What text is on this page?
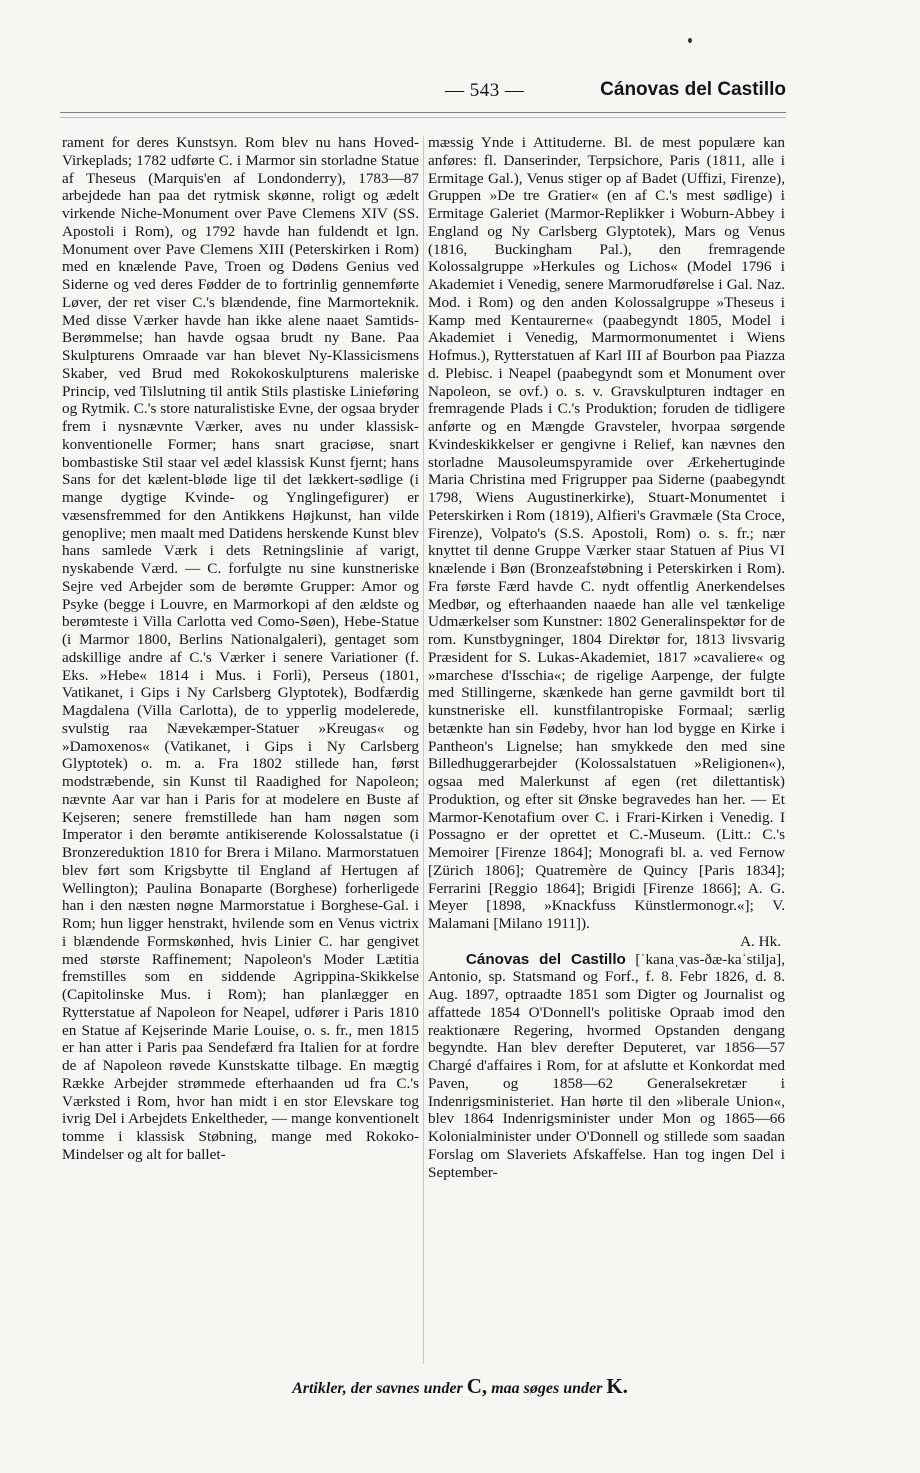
— 543 —	Cánovas del Castillo

rament for deres Kunstsyn. Rom blev nu hans Hoved-Virkeplads; 1782 udførte C. i Marmor sin storladne Statue af Theseus (Marquis'en af Londonderry), 1783—87 arbejdede han paa det rytmisk skønne, roligt og ædelt virkende Niche-Monument over Pave Clemens XIV (SS. Apostoli i Rom), og 1792 havde han fuldendt et lgn. Monument over Pave Clemens XIII (Peterskirken i Rom) med en knælende Pave, Troen og Dødens Genius ved Siderne og ved deres Fødder de to fortrinlig gennemførte Løver, der ret viser C.'s blændende, fine Marmorteknik. Med disse Værker havde han ikke alene naaet Samtids-Berømmelse; han havde ogsaa brudt ny Bane. Paa Skulpturens Omraade var han blevet Ny-Klassicismens Skaber, ved Brud med Rokokoskulpturens maleriske Princip, ved Tilslutning til antik Stils plastiske Linieføring og Rytmik. C.'s store naturalistiske Evne, der ogsaa bryder frem i nysnævnte Værker, aves nu under klassisk-konventionelle Former; hans snart graciøse, snart bombastiske Stil staar vel ædel klassisk Kunst fjernt; hans Sans for det kælent-bløde lige til det lækkert-sødlige (i mange dygtige Kvinde- og Ynglingefigurer) er væsensfremmed for den Antikkens Højkunst, han vilde genoplive; men maalt med Datidens herskende Kunst blev hans samlede Værk i dets Retningslinie af varigt, nyskabende Værd. — C. forfulgte nu sine kunstneriske Sejre ved Arbejder som de berømte Grupper: Amor og Psyke (begge i Louvre, en Marmorkopi af den ældste og berømteste i Villa Carlotta ved Como-Søen), Hebe-Statue (i Marmor 1800, Berlins Nationalgaleri), gentaget som adskillige andre af C.'s Værker i senere Variationer (f. Eks. »Hebe« 1814 i Mus. i Forlì), Perseus (1801, Vatikanet, i Gips i Ny Carlsberg Glyptotek), Bodfærdig Magdalena (Villa Carlotta), de to ypperlig modelerede, svulstig raa Nævekæmper-Statuer »Kreugas« og »Damoxenos« (Vatikanet, i Gips i Ny Carlsberg Glyptotek) o. m. a. Fra 1802 stillede han, først modstræbende, sin Kunst til Raadighed for Napoleon; nævnte Aar var han i Paris for at modelere en Buste af Kejseren; senere fremstillede han ham nøgen som Imperator i den berømte antikiserende Kolossalstatue (i Bronzereduktion 1810 for Brera i Milano. Marmorstatuen blev ført som Krigsbytte til England af Hertugen af Wellington); Paulina Bonaparte (Borghese) forherligede han i den næsten nøgne Marmorstatue i Borghese-Gal. i Rom; hun ligger henstrakt, hvilende som en Venus victrix i blændende Formskønhed, hvis Linier C. har gengivet med største Raffinement; Napoleon's Moder Lætitia fremstilles som en siddende Agrippina-Skikkelse (Capitolinske Mus. i Rom); han planlægger en Rytterstatue af Napoleon for Neapel, udfører i Paris 1810 en Statue af Kejserinde Marie Louise, o. s. fr., men 1815 er han atter i Paris paa Sendefærd fra Italien for at fordre de af Napoleon røvede Kunstskatte tilbage. En mægtig Række Arbejder strømmede efterhaanden ud fra C.'s Værksted i Rom, hvor han midt i en stor Elevskare tog ivrig Del i Arbejdets Enkeltheder, — mange konventionelt tomme i klassisk Støbning, mange med Rokoko-Mindelser og alt for ballet-

mæssig Ynde i Attituderne. Bl. de mest populære kan anføres: fl. Danserinder, Terpsichore, Paris (1811, alle i Ermitage Gal.), Venus stiger op af Badet (Uffizi, Firenze), Gruppen »De tre Gratier« (en af C.'s mest sødlige) i Ermitage Galeriet (Marmor-Replikker i Woburn-Abbey i England og Ny Carlsberg Glyptotek), Mars og Venus (1816, Buckingham Pal.), den fremragende Kolossalgruppe »Herkules og Lichos« (Model 1796 i Akademiet i Venedig, senere Marmorudførelse i Gal. Naz. Mod. i Rom) og den anden Kolossalgruppe »Theseus i Kamp med Kentaurerne« (paabegyndt 1805, Model i Akademiet i Venedig, Marmormonumentet i Wiens Hofmus.), Rytterstatuen af Karl III af Bourbon paa Piazza d. Plebisc. i Neapel (paabegyndt som et Monument over Napoleon, se ovf.) o. s. v. Gravskulpturen indtager en fremragende Plads i C.'s Produktion; foruden de tidligere anførte og en Mængde Gravsteler, hvorpaa sørgende Kvindeskikkelser er gengivne i Relief, kan nævnes den storladne Mausoleumspyramide over Ærkehertuginde Maria Christina med Frigrupper paa Siderne (paabegyndt 1798, Wiens Augustinerkirke), Stuart-Monumentet i Peterskirken i Rom (1819), Alfieri's Gravmæle (Sta Croce, Firenze), Volpato's (S.S. Apostoli, Rom) o. s. fr.; nær knyttet til denne Gruppe Værker staar Statuen af Pius VI knælende i Bøn (Bronzeafstøbning i Peterskirken i Rom). Fra første Færd havde C. nydt offentlig Anerkendelses Medbør, og efterhaanden naaede han alle vel tænkelige Udmærkelser som Kunstner: 1802 Generalinspektør for de rom. Kunstbygninger, 1804 Direktør for, 1813 livsvarig Præsident for S. Lukas-Akademiet, 1817 »cavaliere« og »marchese d'Isschia«; de rigelige Aarpenge, der fulgte med Stillingerne, skænkede han gerne gavmildt bort til kunstneriske ell. kunstfilantropiske Formaal; særlig betænkte han sin Fødeby, hvor han lod bygge en Kirke i Pantheon's Lignelse; han smykkede den med sine Billedhuggerarbejder (Kolossalstatuen »Religionen«), ogsaa med Malerkunst af egen (ret dilettantisk) Produktion, og efter sit Ønske begravedes han her. — Et Marmor-Kenotafium over C. i Frari-Kirken i Venedig. I Possagno er der oprettet et C.-Museum. (Litt.: C.'s Memoirer [Firenze 1864]; Monografi bl. a. ved Fernow [Zürich 1806]; Quatremère de Quincy [Paris 1834]; Ferrarini [Reggio 1864]; Brigidi [Firenze 1866]; A. G. Meyer [1898, »Knackfuss Künstlermonogr.«]; V. Malamani [Milano 1911]).

A. Hk.

Cánovas del Castillo [ˈkanaˌvas-ðæ-kaˈstilja], Antonio, sp. Statsmand og Forf., f. 8. Febr 1826, d. 8. Aug. 1897, optraadte 1851 som Digter og Journalist og affattede 1854 O'Donnell's politiske Opraab imod den reaktionære Regering, hvormed Opstanden dengang begyndte. Han blev derefter Deputeret, var 1856—57 Chargé d'affaires i Rom, for at afslutte et Konkordat med Paven, og 1858—62 Generalsekretær i Indenrigsministeriet. Han hørte til den »liberale Union«, blev 1864 Indenrigsminister under Mon og 1865—66 Kolonialminister under O'Donnell og stillede som saadan Forslag om Slaveriets Afskaffelse. Han tog ingen Del i September-

Artikler, der savnes under C, maa søges under K.
